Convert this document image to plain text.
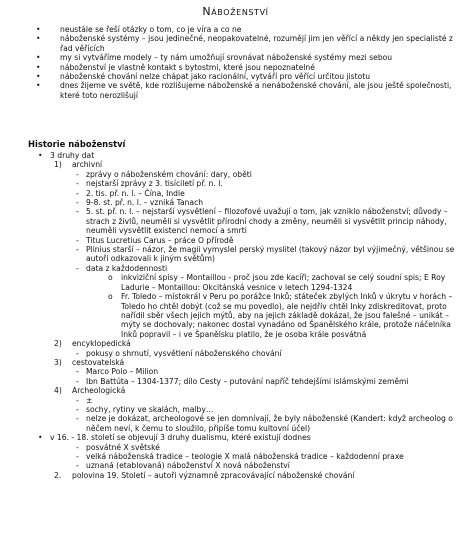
Náboženství
•	neustále se řeší otázky o tom, co je víra a co ne
•	náboženské systémy – jsou jedinečné, neopakovatelné, rozumějí jim jen věřící a někdy jen specialisté z řad věřících
•	my si vytváříme modely – ty nám umožňují srovnávat náboženské systémy mezi sebou
•	náboženství je vlastně kontakt s bytostmi, které jsou nepoznatelné
•	náboženské chování nelze chápat jako racionální, vytváří pro věřící určitou jistotu
•	dnes žijeme ve světě, kde rozlišujeme náboženské a nenáboženské chování, ale jsou ještě společnosti, které toto nerozlišují
Historie náboženství
• 3 druhy dat
1) archivní
- zprávy o náboženském chování: dary, oběti
- nejstarší zprávy z 3. tisíciletí př. n. l.
- 2. tis. př. n. l. – Čína, Indie
- 9-8. st. př. n. l. – vzniká Tanach
- 5. st. př. n. l. – nejstarší vysvětlení – filozofové uvažují o tom, jak vzniklo náboženství; důvody – strach z živlů, neuměli si vysvětlit přírodní chody a změny, neuměli si vysvětlit princip náhody, neuměli vysvětlit existenci nemocí a smrti
- Titus Lucretius Carus – práce O přírodě
- Plinius starší – názor, že magii vymyslel perský myslitel (takový názor byl výjimečný, většinou se autoři odkazovali k jiným světům)
- data z každodennosti
o inkviziční spisy – Montaillou - proč jsou zde kacíři; zachoval se celý soudní spis; E Roy Ladurie – Montaillou: Okcitánská vesnice v letech 1294-1324
o Fr. Toledo – místokrál v Peru po porážce Inků; státeček zbylých Inků v úkrytu v horách – Toledo ho chtěl dobýt (což se mu povedlo), ale nejdřív chtěl Inky zdiskreditovat, proto nařídil sběr všech jejich mýtů, aby na jejich základě dokázal, že jsou falešné – unikát – mýty se dochovaly; nakonec dostal vynadáno od Španělského krále, protože náčelníka Inků popravil – i ve Španělsku platilo, že je osoba krále posvátná
2) encyklopedická
- pokusy o shrnutí, vysvětlení náboženského chování
3) cestovatelská
- Marco Polo – Milion
- Ibn Battúta – 1304-1377; dílo Cesty – putování napříč tehdejšími islámskými zeměmi
4) Archeologická
- ±
- sochy, rytiny ve skalách, malby…
- nelze je dokázat, archeologové se jen domnívají, že byly náboženské (Kandert: když archeolog o něčem neví, k čemu to sloužilo, připíše tomu kultovní účel)
• v 16. - 18. století se objevují 3 druhy dualismu, které existují dodnes
- posvátné X světské
- velká náboženská tradice – teologie X malá náboženská tradice – každodenní praxe
- uznaná (etablovaná) náboženství X nová náboženství
2. polovina 19. Století – autoři významně zpracovávající náboženské chování
